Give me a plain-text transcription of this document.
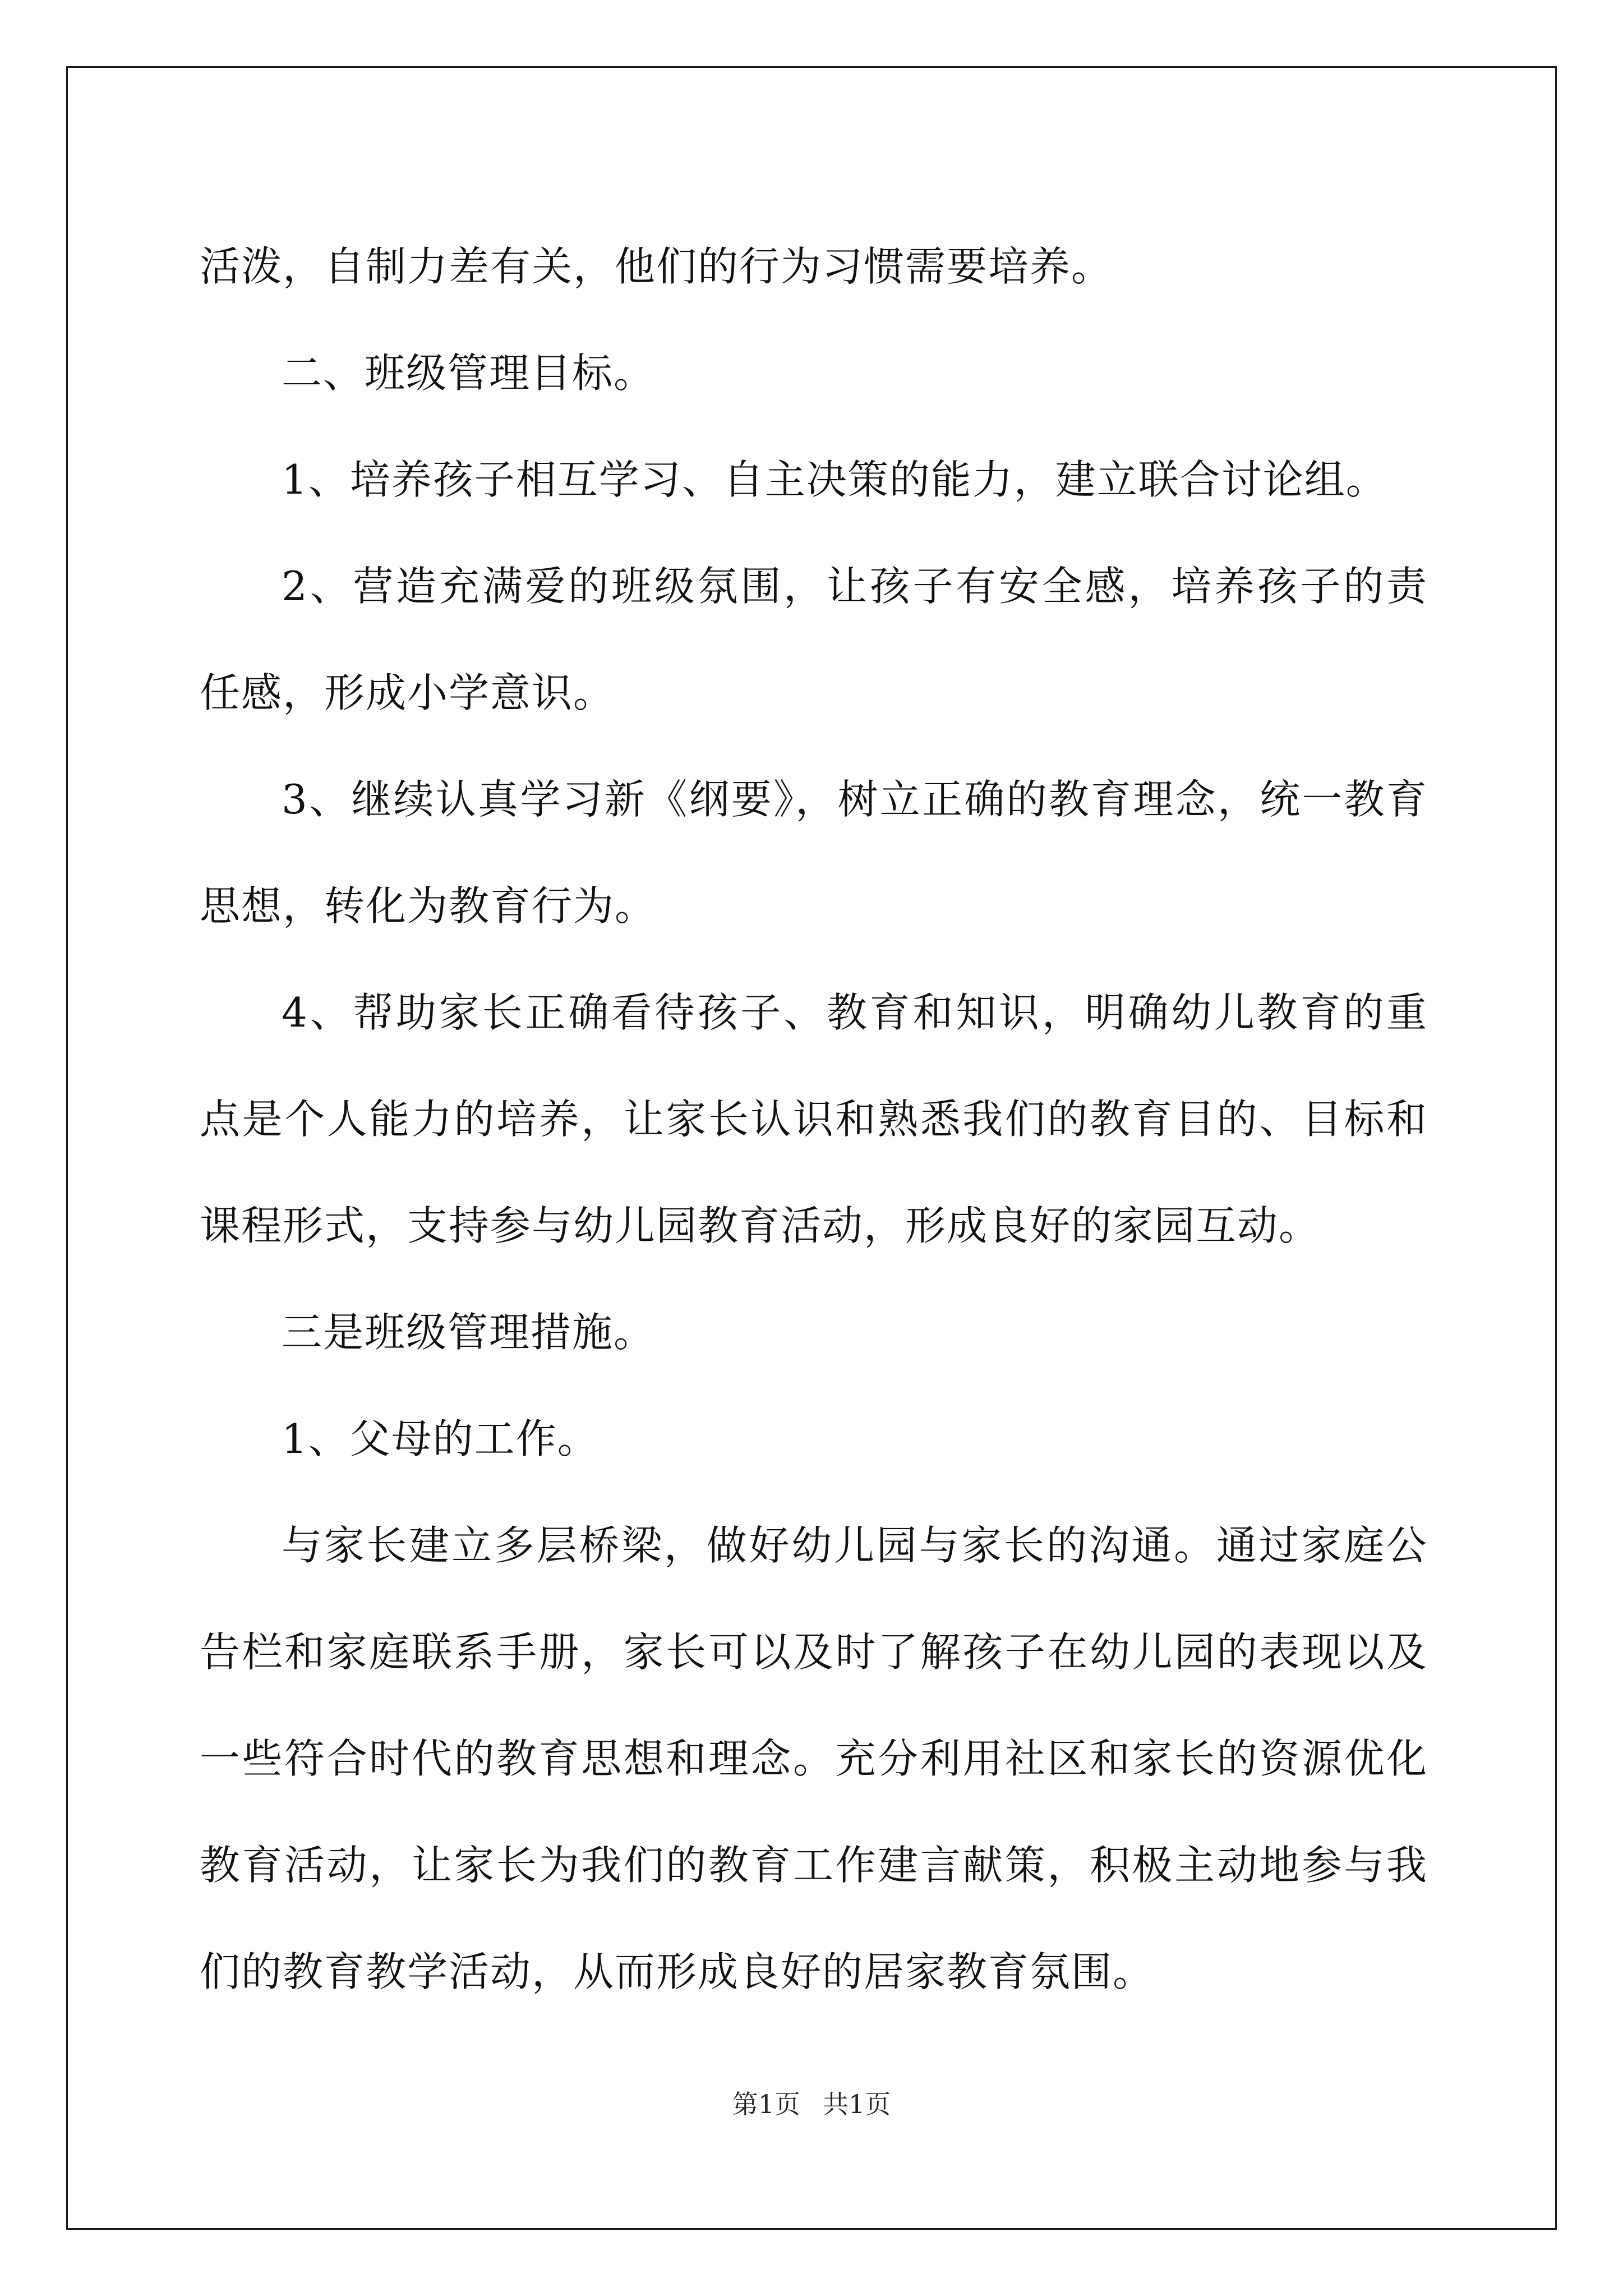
活泼，自制力差有关，他们的行为习惯需要培养。

二、班级管理目标。

1、培养孩子相互学习、自主决策的能力，建立联合讨论组。

2、营造充满爱的班级氛围，让孩子有安全感，培养孩子的责任感，形成小学意识。

3、继续认真学习新《纲要》，树立正确的教育理念，统一教育思想，转化为教育行为。

4、帮助家长正确看待孩子、教育和知识，明确幼儿教育的重点是个人能力的培养，让家长认识和熟悉我们的教育目的、目标和课程形式，支持参与幼儿园教育活动，形成良好的家园互动。

三是班级管理措施。

1、父母的工作。

与家长建立多层桥梁，做好幼儿园与家长的沟通。通过家庭公告栏和家庭联系手册，家长可以及时了解孩子在幼儿园的表现以及一些符合时代的教育思想和理念。充分利用社区和家长的资源优化教育活动，让家长为我们的教育工作建言献策，积极主动地参与我们的教育教学活动，从而形成良好的居家教育氛围。

第1页 共1页
